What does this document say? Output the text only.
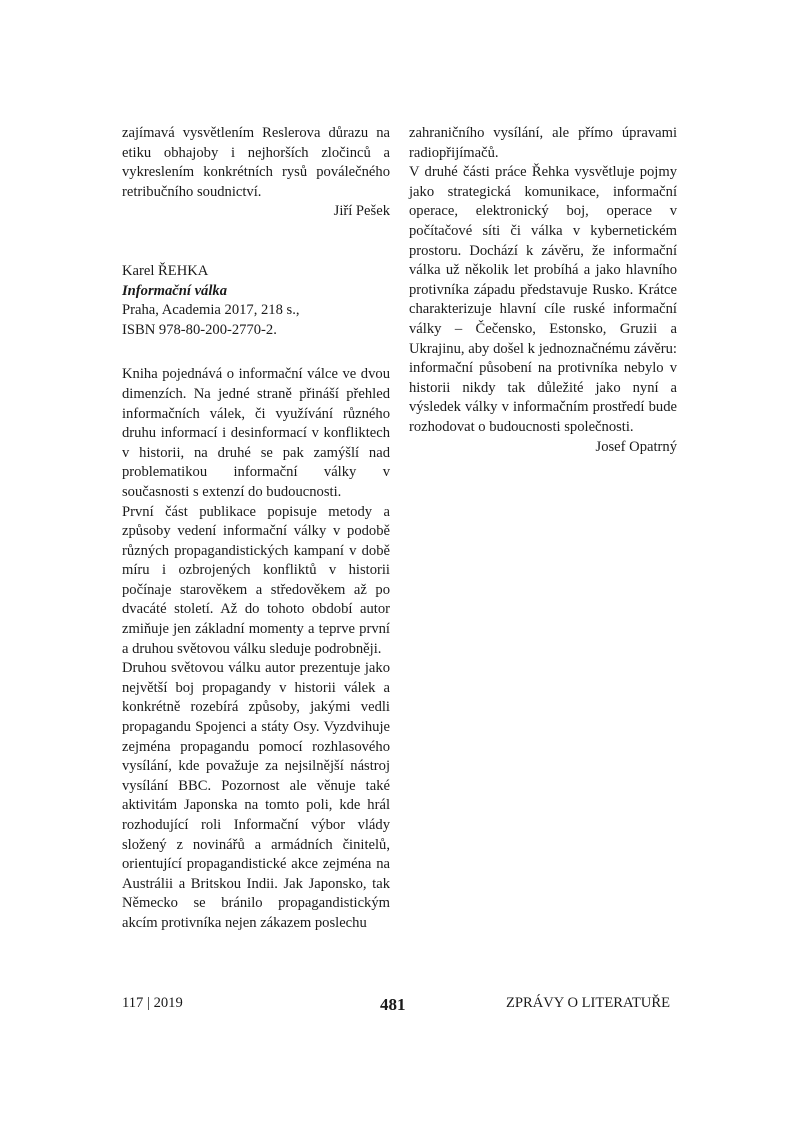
zajímavá vysvětlením Reslerova důrazu na etiku obhajoby i nejhorších zločinců a vykreslením konkrétních rysů poválečného retribučního soudnictví.

Jiří Pešek

Karel ŘEHKA
Informační válka
Praha, Academia 2017, 218 s.,
ISBN 978-80-200-2770-2.

Kniha pojednává o informační válce ve dvou dimenzích. Na jedné straně přináší přehled informačních válek, či využívání různého druhu informací i desinformací v konfliktech v historii, na druhé se pak zamýšlí nad problematikou informační války v současnosti s extenzí do budoucnosti.

První část publikace popisuje metody a způsoby vedení informační války v podobě různých propagandistických kampaní v době míru i ozbrojených konfliktů v historii počínaje starověkem a středověkem až po dvacáté století. Až do tohoto období autor zmiňuje jen základní momenty a teprve první a druhou světovou válku sleduje podrobněji.

Druhou světovou válku autor prezentuje jako největší boj propagandy v historii válek a konkrétně rozebírá způsoby, jakými vedli propagandu Spojenci a státy Osy. Vyzdvihuje zejména propagandu pomocí rozhlasového vysílání, kde považuje za nejsilnější nástroj vysílání BBC. Pozornost ale věnuje také aktivitám Japonska na tomto poli, kde hrál rozhodující roli Informační výbor vlády složený z novinářů a armádních činitelů, orientující propagandistické akce zejména na Austrálii a Britskou Indii. Jak Japonsko, tak Německo se bránilo propagandistickým akcím protivníka nejen zákazem poslechu

zahraničního vysílání, ale přímo úpravami radiopřijímačů.

V druhé části práce Řehka vysvětluje pojmy jako strategická komunikace, informační operace, elektronický boj, operace v počítačové síti či válka v kybernetickém prostoru. Dochází k závěru, že informační válka už několik let probíhá a jako hlavního protivníka západu představuje Rusko. Krátce charakterizuje hlavní cíle ruské informační války – Čečensko, Estonsko, Gruzii a Ukrajinu, aby došel k jednoznačnému závěru: informační působení na protivníka nebylo v historii nikdy tak důležité jako nyní a výsledek války v informačním prostředí bude rozhodovat o budoucnosti společnosti.

Josef Opatrný

117 | 2019	481	ZPRÁVY O LITERATUŘE
